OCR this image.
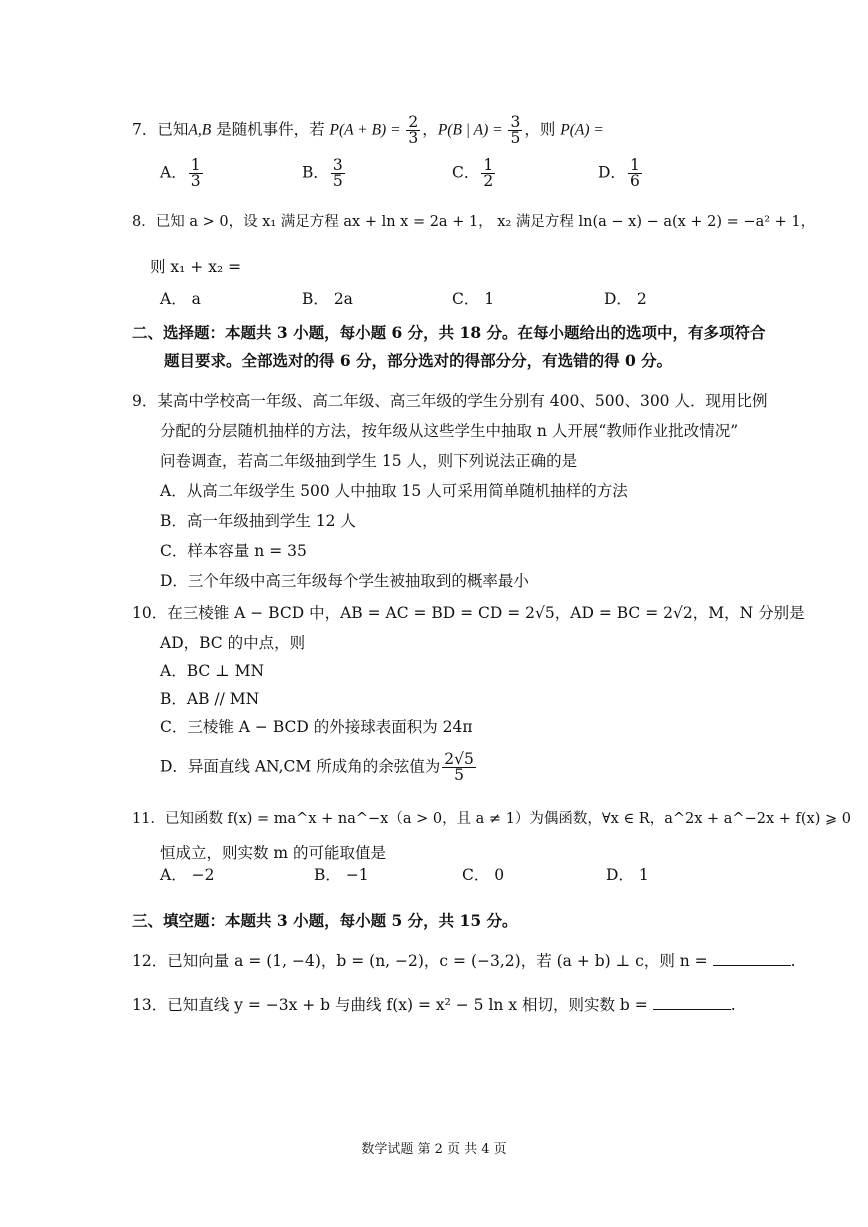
7．已知A,B 是随机事件，若 $P(A + B) = \frac{2}{3}$ ，P(B | $A) = \frac{3}{5}$ ，则 P(A) =
A． $\frac{1}{3}$	B． $\frac{3}{5}$	C． $\frac{1}{2}$	D． $\frac{1}{6}$
8．已知 a > 0，设 x₁ 满足方程 ax + ln x = 2a + 1， x₂ 满足方程 ln(a − x) − a(x + 2) = −a² + 1，
则 x₁ + x₂ =
A． a	B． 2a	C． 1	D． 2
二、选择题：本题共 3 小题，每小题 6 分，共 18 分。在每小题给出的选项中，有多项符合
题目要求。全部选对的得 6 分，部分选对的得部分分，有选错的得 0 分。
9．某高中学校高一年级、高二年级、高三年级的学生分别有 400、500、300 人．现用比例
分配的分层随机抽样的方法，按年级从这些学生中抽取 n 人开展“教师作业批改情况”
问卷调查，若高二年级抽到学生 15 人，则下列说法正确的是
A．从高二年级学生 500 人中抽取 15 人可采用简单随机抽样的方法
B．高一年级抽到学生 12 人
C．样本容量 n = 35
D．三个年级中高三年级每个学生被抽取到的概率最小
10．在三棱锥 A − BCD 中，AB = AC = BD = CD = 2√5，AD = BC = 2√2，M，N 分别是
AD，BC 的中点，则
A．BC ⊥ MN
B．AB // MN
C．三棱锥 A − BCD 的外接球表面积为 24π
D．异面直线 AN,CM 所成角的余弦值为 $\frac{2√5}{5}$
11．已知函数 f(x) = ma^x + na^−x（a > 0，且 a ≠ 1）为偶函数，∀x ∈ R，a^2x + a^−2x + f(x) ⩾ 0
恒成立，则实数 m 的可能取值是
A． −2	B． −1	C． 0	D． 1
三、填空题：本题共 3 小题，每小题 5 分，共 15 分。
12．已知向量 a = (1, −4)，b = (n, −2)，c = (−3,2)，若 (a + b) ⊥ c，则 n =	.
13．已知直线 y = −3x + b 与曲线 f(x) = x² − 5 ln x 相切，则实数 b =	.
数学试题 第 2 页 共 4 页
